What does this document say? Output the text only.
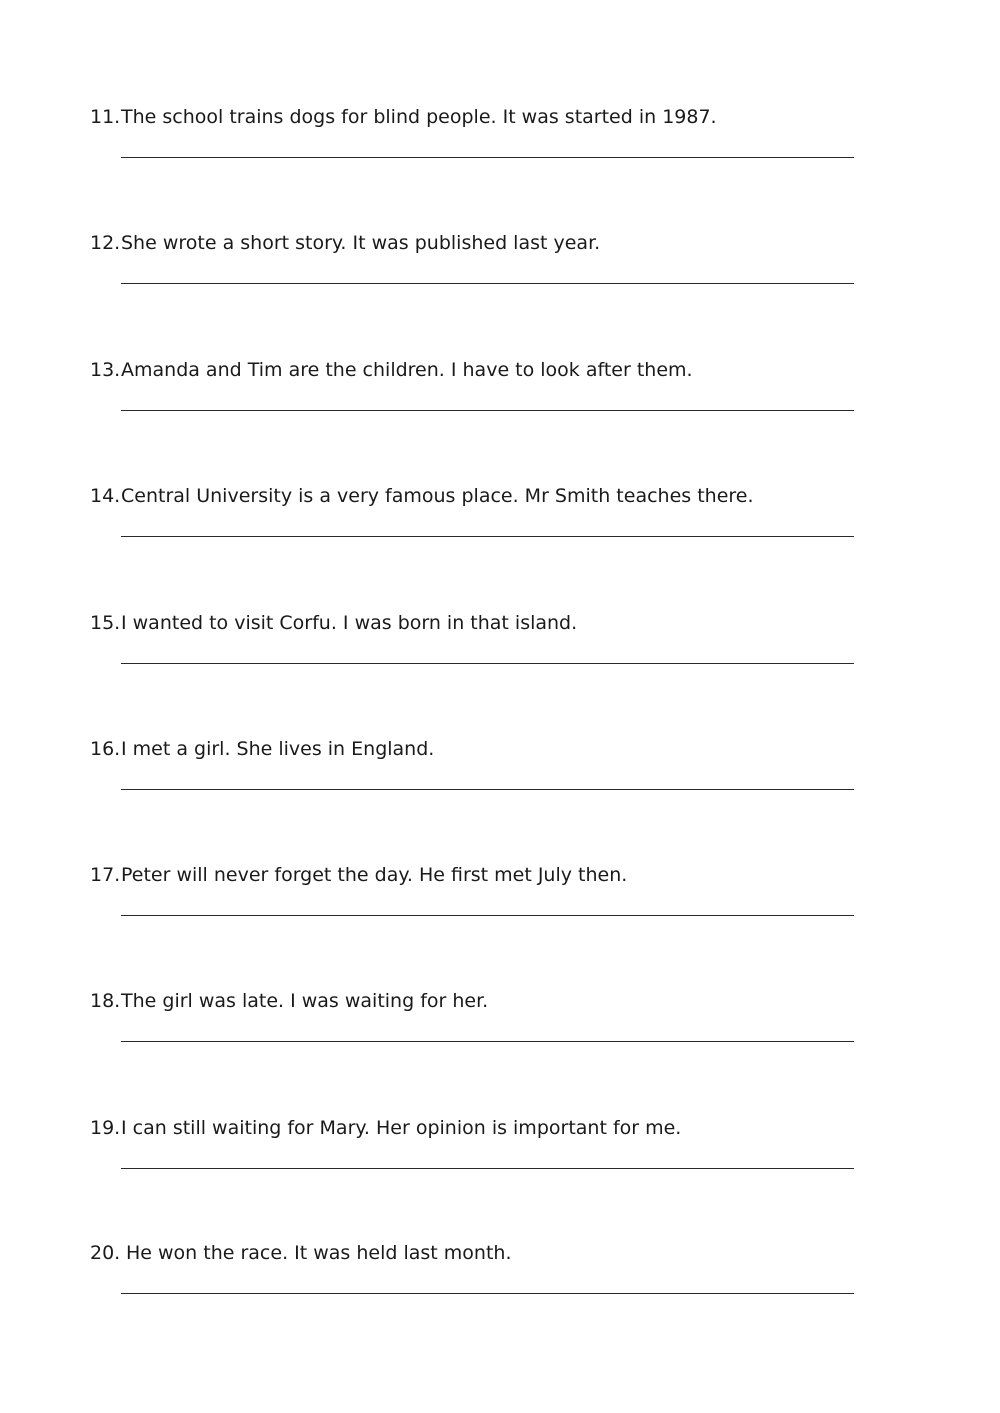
11. The school trains dogs for blind people. It was started in 1987.
12. She wrote a short story. It was published last year.
13. Amanda and Tim are the children. I have to look after them.
14. Central University is a very famous place. Mr Smith teaches there.
15. I wanted to visit Corfu. I was born in that island.
16. I met a girl. She lives in England.
17. Peter will never forget the day. He first met July then.
18. The girl was late. I was waiting for her.
19. I can still waiting for Mary. Her opinion is important for me.
20. He won the race. It was held last month.
